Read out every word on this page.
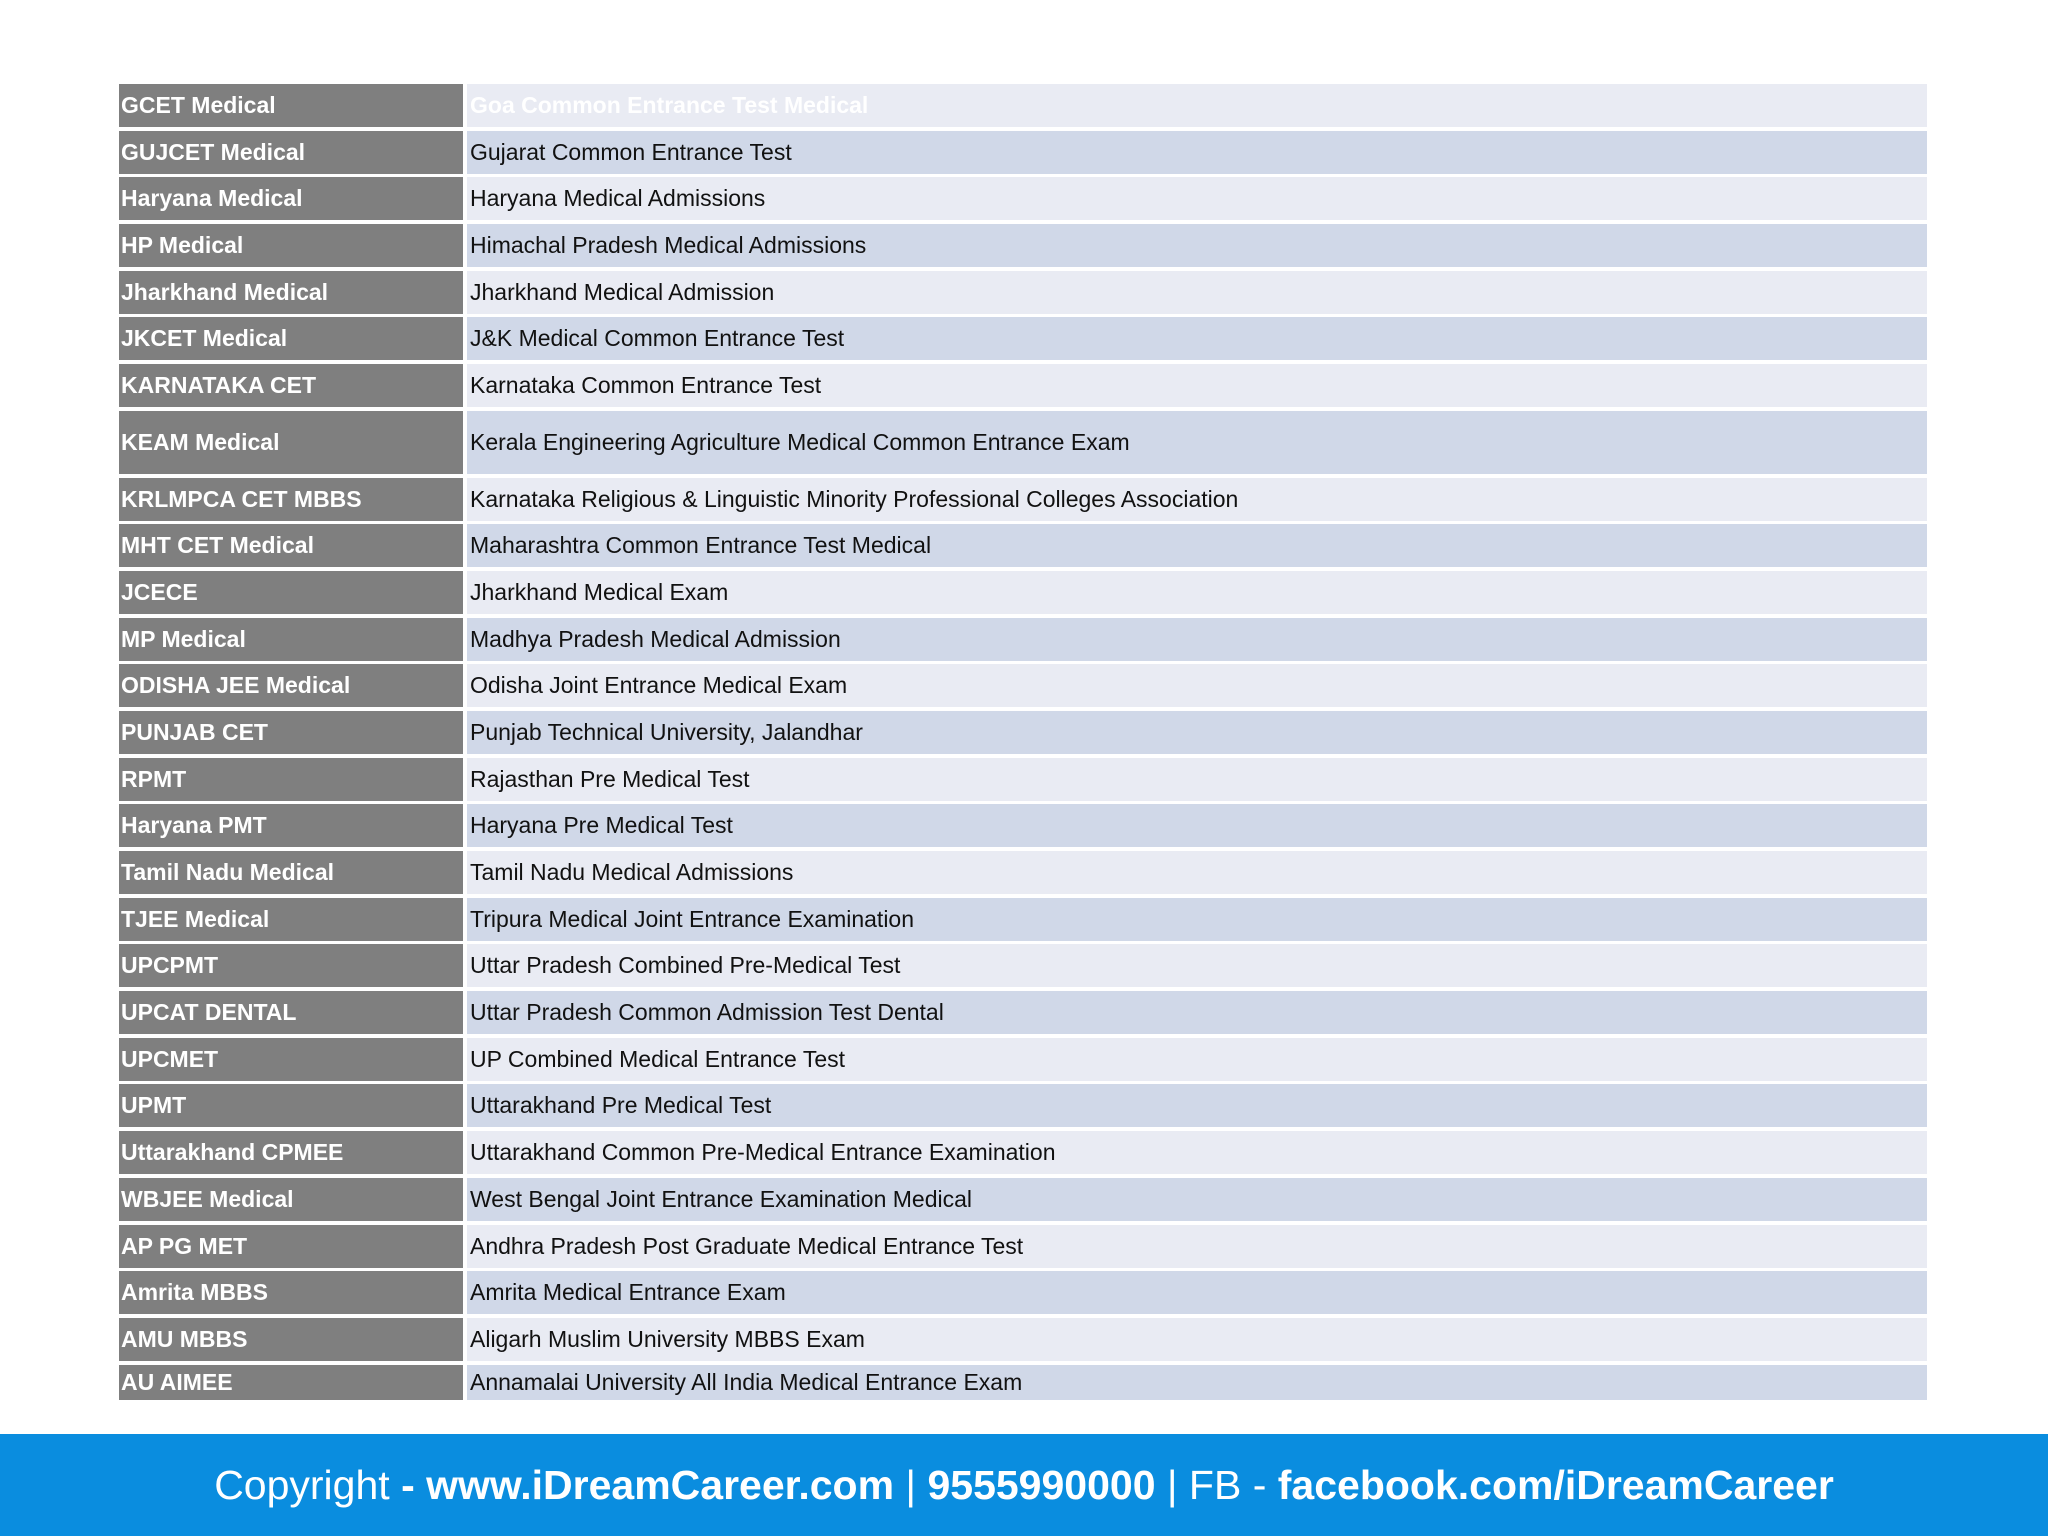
GCET Medical	Goa Common Entrance Test Medical
GUJCET Medical	Gujarat Common Entrance Test
Haryana Medical	Haryana Medical Admissions
HP Medical	Himachal Pradesh Medical Admissions
Jharkhand Medical	Jharkhand Medical Admission
JKCET Medical	J&K Medical Common Entrance Test
KARNATAKA CET	Karnataka Common Entrance Test
KEAM Medical	Kerala Engineering Agriculture Medical Common Entrance Exam
KRLMPCA CET MBBS	Karnataka Religious & Linguistic Minority Professional Colleges Association
MHT CET Medical	Maharashtra Common Entrance Test Medical
JCECE	Jharkhand Medical Exam
MP Medical	Madhya Pradesh Medical Admission
ODISHA JEE Medical	Odisha Joint Entrance Medical Exam
PUNJAB CET	Punjab Technical University, Jalandhar
RPMT	Rajasthan Pre Medical Test
Haryana PMT	Haryana Pre Medical Test
Tamil Nadu Medical	Tamil Nadu Medical Admissions
TJEE Medical	Tripura Medical Joint Entrance Examination
UPCPMT	Uttar Pradesh Combined Pre-Medical Test
UPCAT DENTAL	Uttar Pradesh Common Admission Test Dental
UPCMET	UP Combined Medical Entrance Test
UPMT	Uttarakhand Pre Medical Test
Uttarakhand CPMEE	Uttarakhand Common Pre-Medical Entrance Examination
WBJEE Medical	West Bengal Joint Entrance Examination Medical
AP PG MET	Andhra Pradesh Post Graduate Medical Entrance Test
Amrita MBBS	Amrita Medical Entrance Exam
AMU MBBS	Aligarh Muslim University MBBS Exam
AU AIMEE	Annamalai University All India Medical Entrance Exam
Copyright - www.iDreamCareer.com | 9555990000 | FB - facebook.com/iDreamCareer
